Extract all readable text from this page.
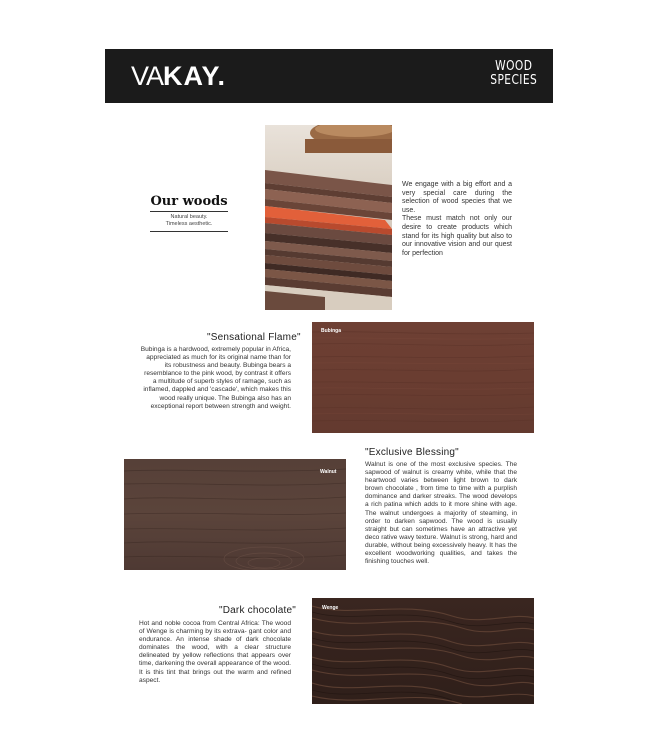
VAKAY.	WOOD
SPECIES
Our woods
Natural beauty.
Timeless aesthetic.

We engage with a big effort and a very special care during the selection of wood species that we use.

These must match not only our desire to create products which stand for its high quality but also to our innovative vision and our quest for perfection

"Sensational Flame"
Bubinga is a hardwood, extremely popular in Africa, appreciated as much for its original name than for its robustness and beauty. Bubinga bears a resemblance to the pink wood, by contrast it offers a multitude of superb styles of ramage, such as inflamed, dappled and 'cascade', which makes this wood really unique. The Bubinga also has an exceptional report between strength and weight.
Bubinga
Walnut
"Exclusive Blessing"
Walnut is one of the most exclusive species. The sapwood of walnut is creamy white, while that the heartwood varies between light brown to dark brown chocolate , from time to time with a purplish dominance and darker streaks. The wood develops a rich patina which adds to it more shine with age. The walnut undergoes a majority of steaming, in order to darken sapwood. The wood is usually straight but can sometimes have an attractive yet deco rative wavy texture. Walnut is strong, hard and durable, without being excessively heavy. It has the excellent woodworking qualities, and takes the finishing touches well.
"Dark chocolate"
Hot and noble cocoa from Central Africa: The wood of Wenge is charming by its extrava- gant color and endurance. An intense shade of dark chocolate dominates the wood, with a clear structure delineated by yellow reflections that appears over time, darkening the overall appearance of the wood. It is this tint that brings out the warm and refined aspect.
Wenge
